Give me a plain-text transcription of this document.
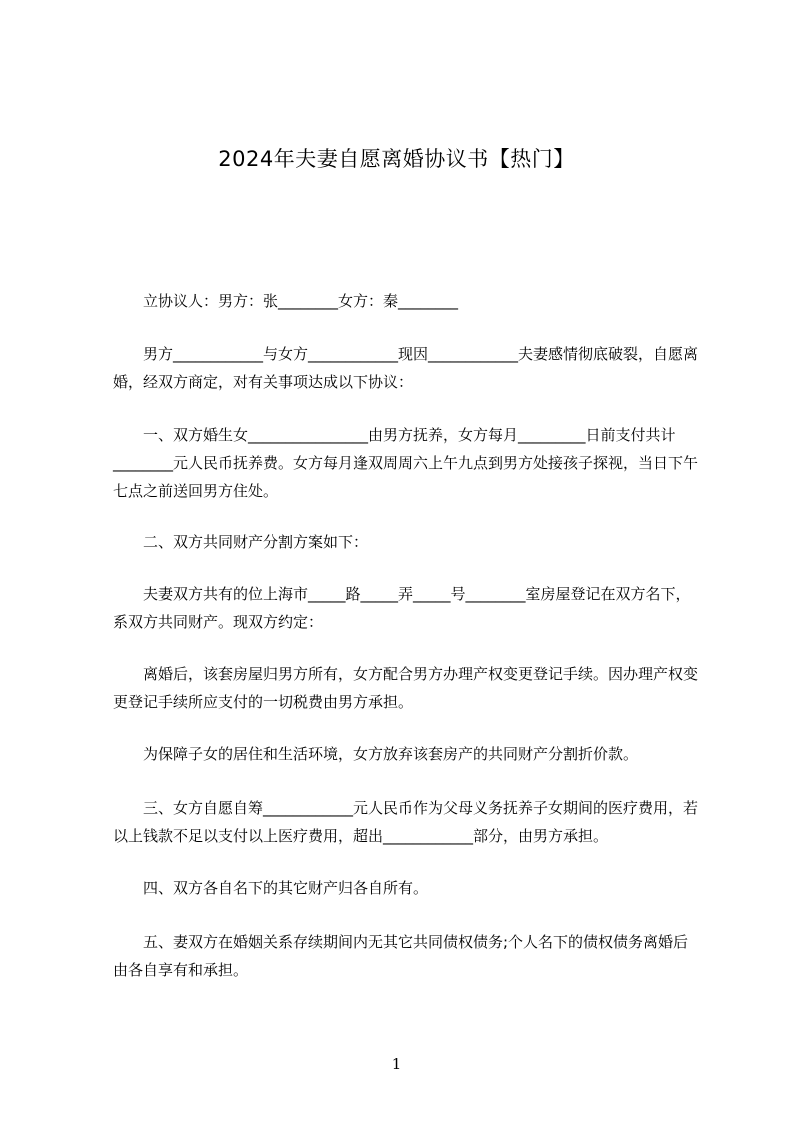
2024年夫妻自愿离婚协议书【热门】

　　立协议人：男方：张________女方：秦________

　　男方____________与女方____________现因____________夫妻感情彻底破裂，自愿离婚，经双方商定，对有关事项达成以下协议：

　　一、双方婚生女________________由男方抚养，女方每月_________日前支付共计________元人民币抚养费。女方每月逢双周周六上午九点到男方处接孩子探视，当日下午七点之前送回男方住处。

　　二、双方共同财产分割方案如下：

　　夫妻双方共有的位上海市_____路_____弄_____号________室房屋登记在双方名下，系双方共同财产。现双方约定：

　　离婚后，该套房屋归男方所有，女方配合男方办理产权变更登记手续。因办理产权变更登记手续所应支付的一切税费由男方承担。

　　为保障子女的居住和生活环境，女方放弃该套房产的共同财产分割折价款。

　　三、女方自愿自筹____________元人民币作为父母义务抚养子女期间的医疗费用，若以上钱款不足以支付以上医疗费用，超出____________部分，由男方承担。

　　四、双方各自名下的其它财产归各自所有。

　　五、妻双方在婚姻关系存续期间内无其它共同债权债务;个人名下的债权债务离婚后由各自享有和承担。

1
